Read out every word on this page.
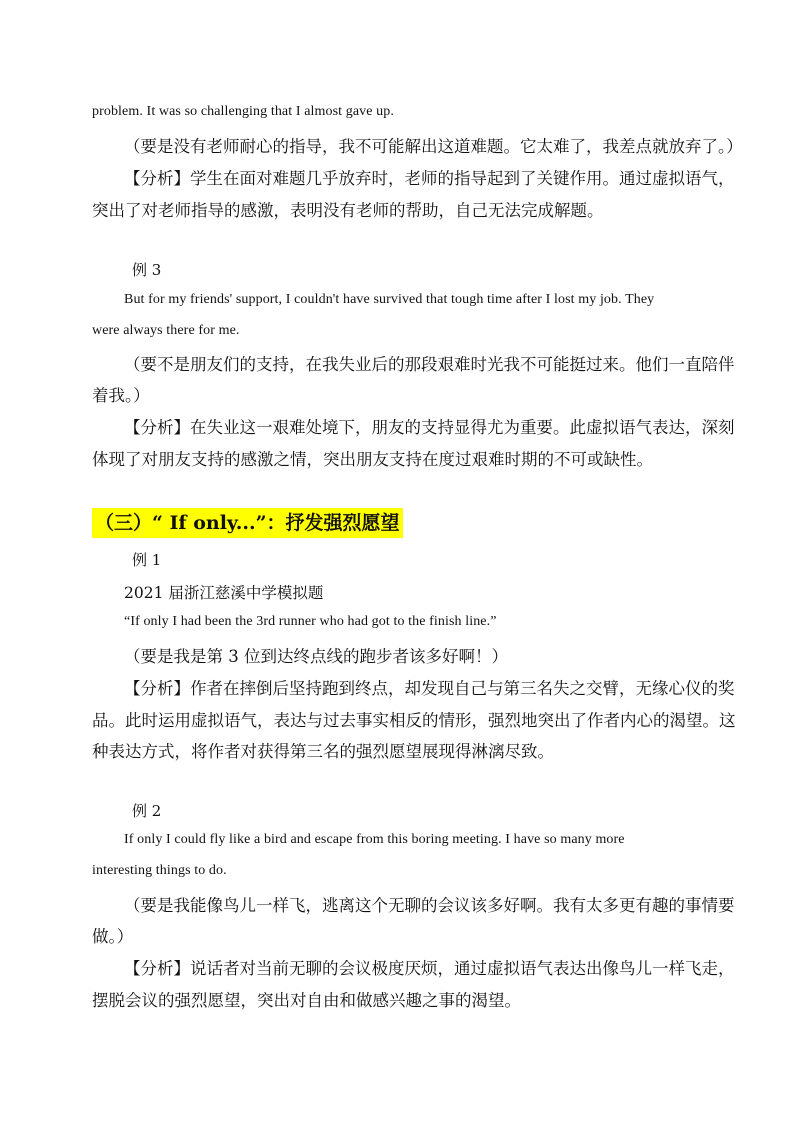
problem. It was so challenging that I almost gave up.
（要是没有老师耐心的指导，我不可能解出这道难题。它太难了，我差点就放弃了。）
【分析】学生在面对难题几乎放弃时，老师的指导起到了关键作用。通过虚拟语气，
突出了对老师指导的感激，表明没有老师的帮助，自己无法完成解题。
例 3
But for my friends' support, I couldn't have survived that tough time after I lost my job. They
were always there for me.
（要不是朋友们的支持，在我失业后的那段艰难时光我不可能挺过来。他们一直陪伴
着我。）
【分析】在失业这一艰难处境下，朋友的支持显得尤为重要。此虚拟语气表达，深刻
体现了对朋友支持的感激之情，突出朋友支持在度过艰难时期的不可或缺性。
（三）“ If only...”：抒发强烈愿望
例 1
2021 届浙江慈溪中学模拟题
“If only I had been the 3rd runner who had got to the finish line.”
（要是我是第 3 位到达终点线的跑步者该多好啊！）
【分析】作者在摔倒后坚持跑到终点，却发现自己与第三名失之交臂，无缘心仪的奖
品。此时运用虚拟语气，表达与过去事实相反的情形，强烈地突出了作者内心的渴望。这
种表达方式，将作者对获得第三名的强烈愿望展现得淋漓尽致。
例 2
If only I could fly like a bird and escape from this boring meeting. I have so many more
interesting things to do.
（要是我能像鸟儿一样飞，逃离这个无聊的会议该多好啊。我有太多更有趣的事情要
做。）
【分析】说话者对当前无聊的会议极度厌烦，通过虚拟语气表达出像鸟儿一样飞走，
摆脱会议的强烈愿望，突出对自由和做感兴趣之事的渴望。
